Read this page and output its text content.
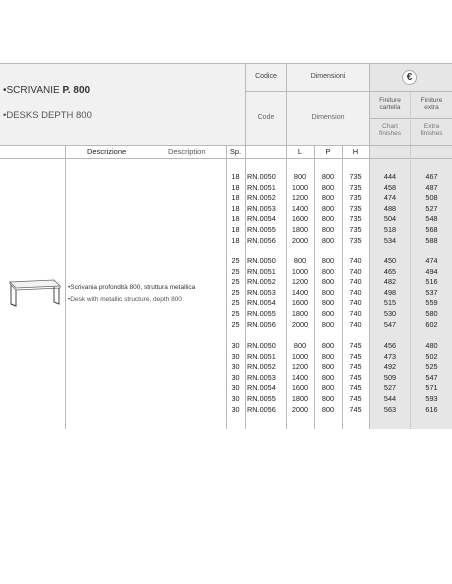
•SCRIVANIE P. 800
•DESKS DEPTH 800
Codice
Code
Dimensioni
Dimension
€
Finiture
cartella
Chart
finishes
Finiture
extra
Extra
finishes
Descrizione	Description	Sp.	L	P	H
•Scrivania profondità 800, struttura metallica
•Desk with metallic structure, depth 800
18	RN.0050	800	800	735	444	467
18	RN.0051	1000	800	735	458	487
18	RN.0052	1200	800	735	474	508
18	RN.0053	1400	800	735	488	527
18	RN.0054	1600	800	735	504	548
18	RN.0055	1800	800	735	518	568
18	RN.0056	2000	800	735	534	588
25	RN.0050	800	800	740	450	474
25	RN.0051	1000	800	740	465	494
25	RN.0052	1200	800	740	482	516
25	RN.0053	1400	800	740	498	537
25	RN.0054	1600	800	740	515	559
25	RN.0055	1800	800	740	530	580
25	RN.0056	2000	800	740	547	602
30	RN.0050	800	800	745	456	480
30	RN.0051	1000	800	745	473	502
30	RN.0052	1200	800	745	492	525
30	RN.0053	1400	800	745	509	547
30	RN.0054	1600	800	745	527	571
30	RN.0055	1800	800	745	544	593
30	RN.0056	2000	800	745	563	616
